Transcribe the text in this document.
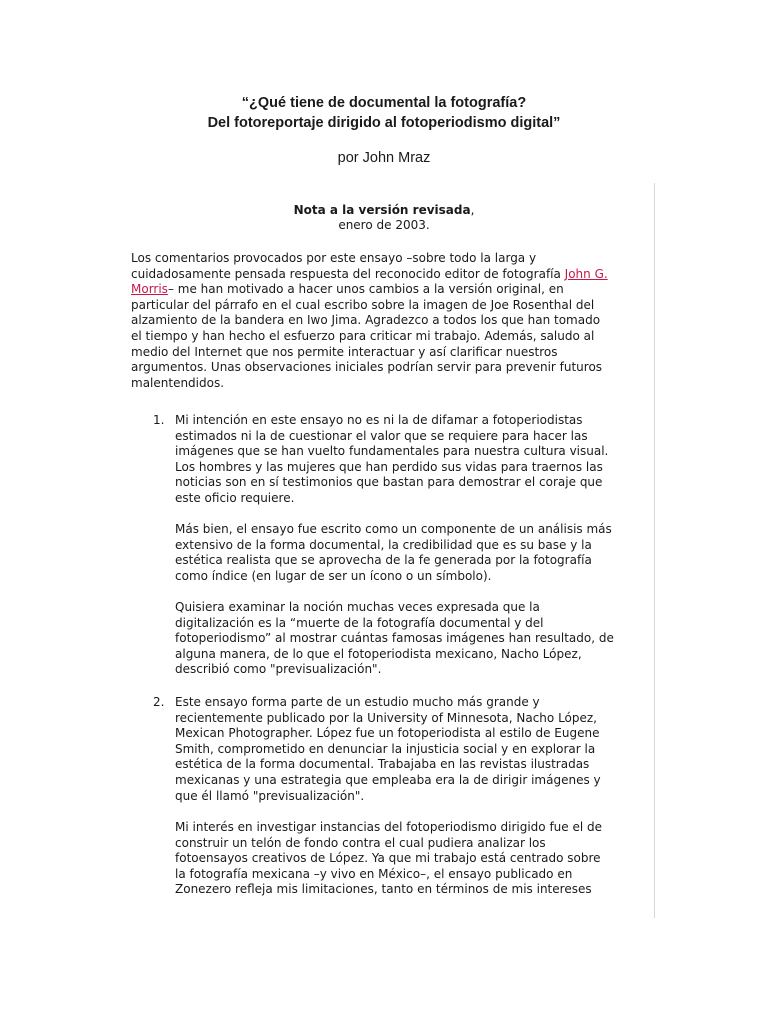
“¿Qué tiene de documental la fotografía?
Del fotoreportaje dirigido al fotoperiodismo digital”
por John Mraz
Nota a la versión revisada,
enero de 2003.
Los comentarios provocados por este ensayo –sobre todo la larga y
cuidadosamente pensada respuesta del reconocido editor de fotografía John G.
Morris– me han motivado a hacer unos cambios a la versión original, en
particular del párrafo en el cual escribo sobre la imagen de Joe Rosenthal del
alzamiento de la bandera en Iwo Jima. Agradezco a todos los que han tomado
el tiempo y han hecho el esfuerzo para criticar mi trabajo. Además, saludo al
medio del Internet que nos permite interactuar y así clarificar nuestros
argumentos. Unas observaciones iniciales podrían servir para prevenir futuros
malentendidos.
1. Mi intención en este ensayo no es ni la de difamar a fotoperiodistas
estimados ni la de cuestionar el valor que se requiere para hacer las
imágenes que se han vuelto fundamentales para nuestra cultura visual.
Los hombres y las mujeres que han perdido sus vidas para traernos las
noticias son en sí testimonios que bastan para demostrar el coraje que
este oficio requiere.
Más bien, el ensayo fue escrito como un componente de un análisis más
extensivo de la forma documental, la credibilidad que es su base y la
estética realista que se aprovecha de la fe generada por la fotografía
como índice (en lugar de ser un ícono o un símbolo).
Quisiera examinar la noción muchas veces expresada que la
digitalización es la “muerte de la fotografía documental y del
fotoperiodismo” al mostrar cuántas famosas imágenes han resultado, de
alguna manera, de lo que el fotoperiodista mexicano, Nacho López,
describió como "previsualización".
2. Este ensayo forma parte de un estudio mucho más grande y
recientemente publicado por la University of Minnesota, Nacho López,
Mexican Photographer. López fue un fotoperiodista al estilo de Eugene
Smith, comprometido en denunciar la injusticia social y en explorar la
estética de la forma documental. Trabajaba en las revistas ilustradas
mexicanas y una estrategia que empleaba era la de dirigir imágenes y
que él llamó "previsualización".
Mi interés en investigar instancias del fotoperiodismo dirigido fue el de
construir un telón de fondo contra el cual pudiera analizar los
fotoensayos creativos de López. Ya que mi trabajo está centrado sobre
la fotografía mexicana –y vivo en México–, el ensayo publicado en
Zonezero refleja mis limitaciones, tanto en términos de mis intereses
